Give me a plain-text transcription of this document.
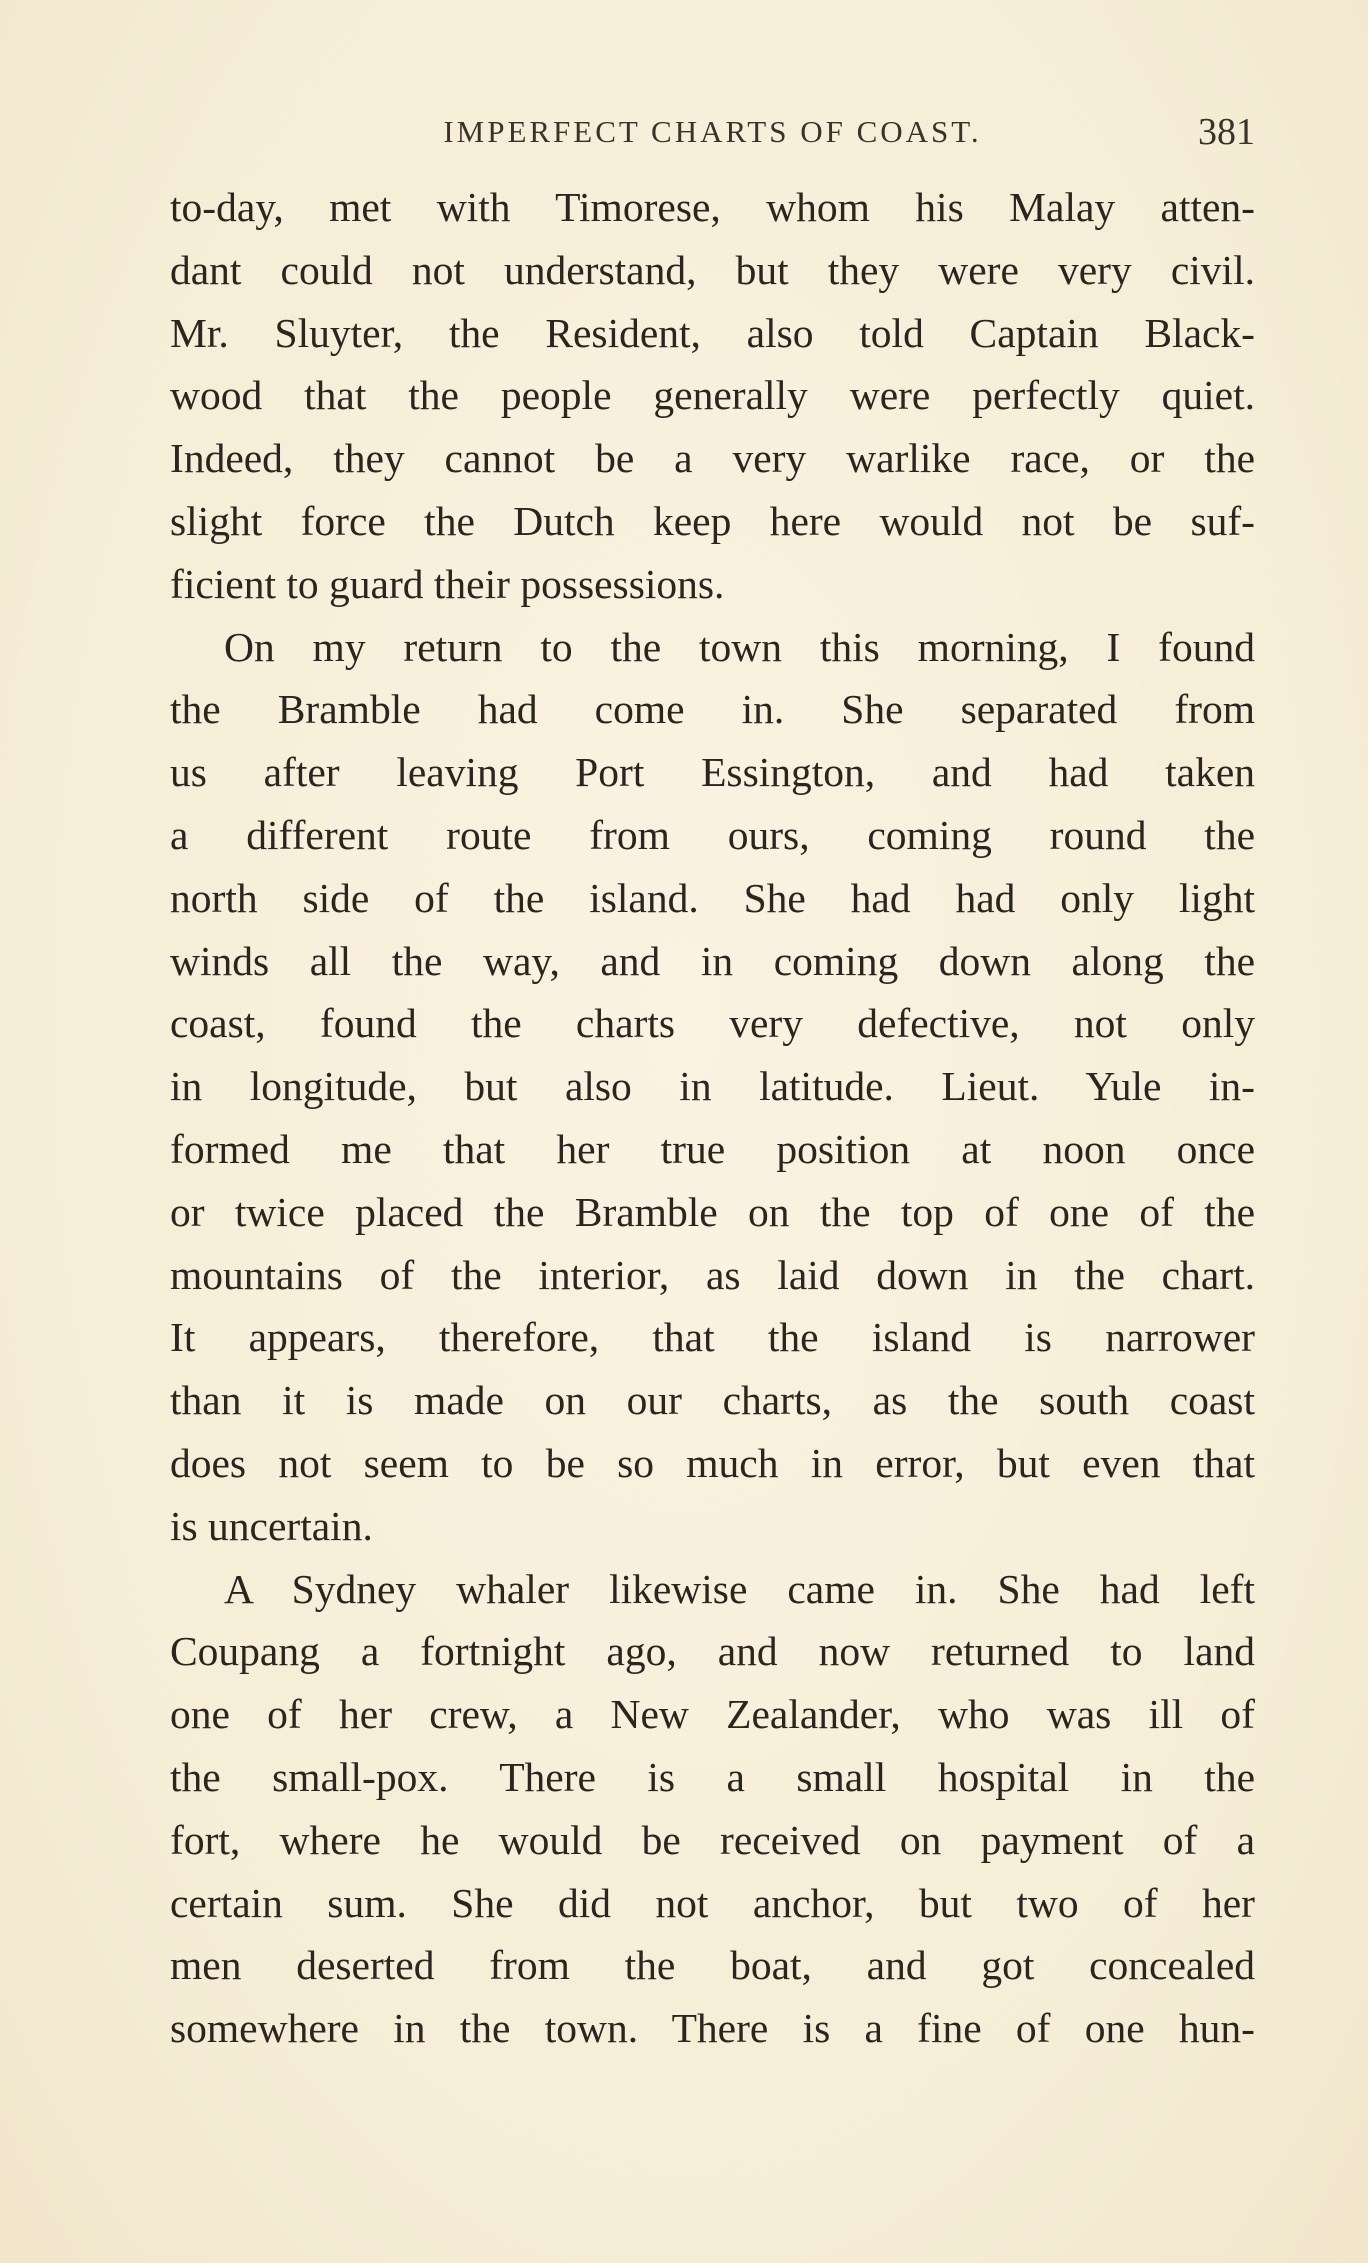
IMPERFECT CHARTS OF COAST.	381
to-day, met with Timorese, whom his Malay atten-
dant could not understand, but they were very civil.
Mr. Sluyter, the Resident, also told Captain Black-
wood that the people generally were perfectly quiet.
Indeed, they cannot be a very warlike race, or the
slight force the Dutch keep here would not be suf-
ficient to guard their possessions.
On my return to the town this morning, I found
the Bramble had come in. She separated from
us after leaving Port Essington, and had taken
a different route from ours, coming round the
north side of the island. She had had only light
winds all the way, and in coming down along the
coast, found the charts very defective, not only
in longitude, but also in latitude. Lieut. Yule in-
formed me that her true position at noon once
or twice placed the Bramble on the top of one of the
mountains of the interior, as laid down in the chart.
It appears, therefore, that the island is narrower
than it is made on our charts, as the south coast
does not seem to be so much in error, but even that
is uncertain.
A Sydney whaler likewise came in. She had left
Coupang a fortnight ago, and now returned to land
one of her crew, a New Zealander, who was ill of
the small-pox. There is a small hospital in the
fort, where he would be received on payment of a
certain sum. She did not anchor, but two of her
men deserted from the boat, and got concealed
somewhere in the town. There is a fine of one hun-
